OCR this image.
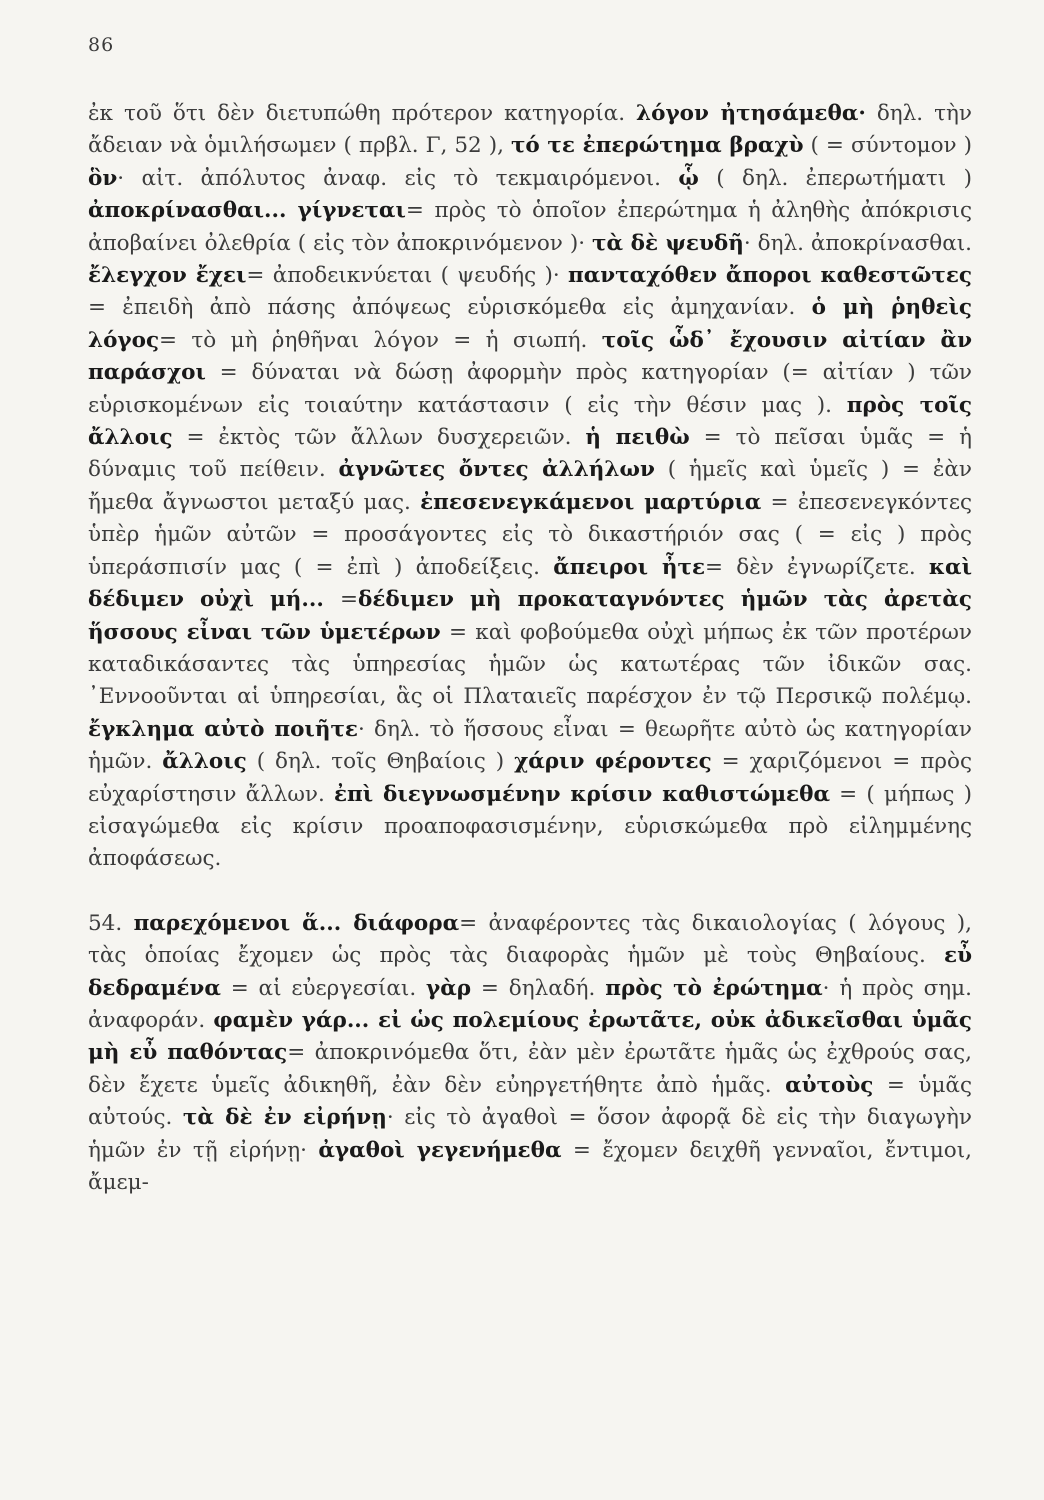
86
ἐκ τοῦ ὅτι δὲν διετυπώθη πρότερον κατηγορία. λόγον ἠτησάμεθα· δηλ. τὴν ἄδειαν νὰ ὁμιλήσωμεν ( πρβλ. Γ, 52 ), τό τε ἐπερώτημα βραχὺ ( = σύντομον ) ὃν· αἰτ. ἀπόλυτος ἀναφ. εἰς τὸ τεκμαιρόμενοι. ᾧ ( δηλ. ἐπερωτήματι ) ἀποκρίνασθαι... γίγνεται= πρὸς τὸ ὁποῖον ἐπερώτημα ἡ ἀληθὴς ἀπόκρισις ἀποβαίνει ὀλεθρία ( εἰς τὸν ἀποκρινόμενον )· τὰ δὲ ψευδῆ· δηλ. ἀποκρίνασθαι. ἔλεγχον ἔχει= ἀποδεικνύεται ( ψευδής )· πανταχόθεν ἄποροι καθεστῶτες = ἐπειδὴ ἀπὸ πάσης ἀπόψεως εὑρισκόμεθα εἰς ἀμηχανίαν. ὁ μὴ ῥηθεὶς λόγος= τὸ μὴ ῥηθῆναι λόγον = ἡ σιωπή. τοῖς ὧδ᾿ ἔχουσιν αἰτίαν ἂν παράσχοι = δύναται νὰ δώσῃ ἀφορμὴν πρὸς κατηγορίαν (= αἰτίαν ) τῶν εὑρισκομένων εἰς τοιαύτην κατάστασιν ( εἰς τὴν θέσιν μας ). πρὸς τοῖς ἄλλοις = ἐκτὸς τῶν ἄλλων δυσχερειῶν. ἡ πειθὼ = τὸ πεῖσαι ὑμᾶς = ἡ δύναμις τοῦ πείθειν. ἀγνῶτες ὄντες ἀλλήλων ( ἡμεῖς καὶ ὑμεῖς ) = ἐὰν ἤμεθα ἄγνωστοι μεταξύ μας. ἐπεσενεγκάμενοι μαρτύρια = ἐπεσενεγκόντες ὑπὲρ ἡμῶν αὐτῶν = προσάγοντες εἰς τὸ δικαστήριόν σας ( = εἰς ) πρὸς ὑπεράσπισίν μας ( = ἐπὶ ) ἀποδείξεις. ἄπειροι ἦτε= δὲν ἐγνωρίζετε. καὶ δέδιμεν οὐχὶ μή... =δέδιμεν μὴ προκαταγνόντες ἡμῶν τὰς ἀρετὰς ἥσσους εἶναι τῶν ὑμετέρων = καὶ φοβούμεθα οὐχὶ μήπως ἐκ τῶν προτέρων καταδικάσαντες τὰς ὑπηρεσίας ἡμῶν ὡς κατωτέρας τῶν ἰδικῶν σας. ᾿Εννοοῦνται αἱ ὑπηρεσίαι, ἃς οἱ Πλαταιεῖς παρέσχον ἐν τῷ Περσικῷ πολέμῳ. ἔγκλημα αὐτὸ ποιῆτε· δηλ. τὸ ἥσσους εἶναι = θεωρῆτε αὐτὸ ὡς κατηγορίαν ἡμῶν. ἄλλοις ( δηλ. τοῖς Θηβαίοις ) χάριν φέροντες = χαριζόμενοι = πρὸς εὐχαρίστησιν ἄλλων. ἐπὶ διεγνωσμένην κρίσιν καθιστώμεθα = ( μήπως ) εἰσαγώμεθα εἰς κρίσιν προαποφασισμένην, εὑρισκώμεθα πρὸ εἰλημμένης ἀποφάσεως.
54. παρεχόμενοι ἅ... διάφορα= ἀναφέροντες τὰς δικαιολογίας ( λόγους ), τὰς ὁποίας ἔχομεν ὡς πρὸς τὰς διαφορὰς ἡμῶν μὲ τοὺς Θηβαίους. εὖ δεδραμένα = αἱ εὐεργεσίαι. γὰρ = δηλαδή. πρὸς τὸ ἐρώτημα· ἡ πρὸς σημ. ἀναφοράν. φαμὲν γάρ... εἰ ὡς πολεμίους ἐρωτᾶτε, οὐκ ἀδικεῖσθαι ὑμᾶς μὴ εὖ παθόντας= ἀποκρινόμεθα ὅτι, ἐὰν μὲν ἐρωτᾶτε ἡμᾶς ὡς ἐχθρούς σας, δὲν ἔχετε ὑμεῖς ἀδικηθῆ, ἐὰν δὲν εὐηργετήθητε ἀπὸ ἡμᾶς. αὐτοὺς = ὑμᾶς αὐτούς. τὰ δὲ ἐν εἰρήνῃ· εἰς τὸ ἀγαθοὶ = ὅσον ἀφορᾷ δὲ εἰς τὴν διαγωγὴν ἡμῶν ἐν τῇ εἰρήνῃ· ἀγαθοὶ γεγενήμεθα = ἔχομεν δειχθῆ γενναῖοι, ἔντιμοι, ἄμεμ-
